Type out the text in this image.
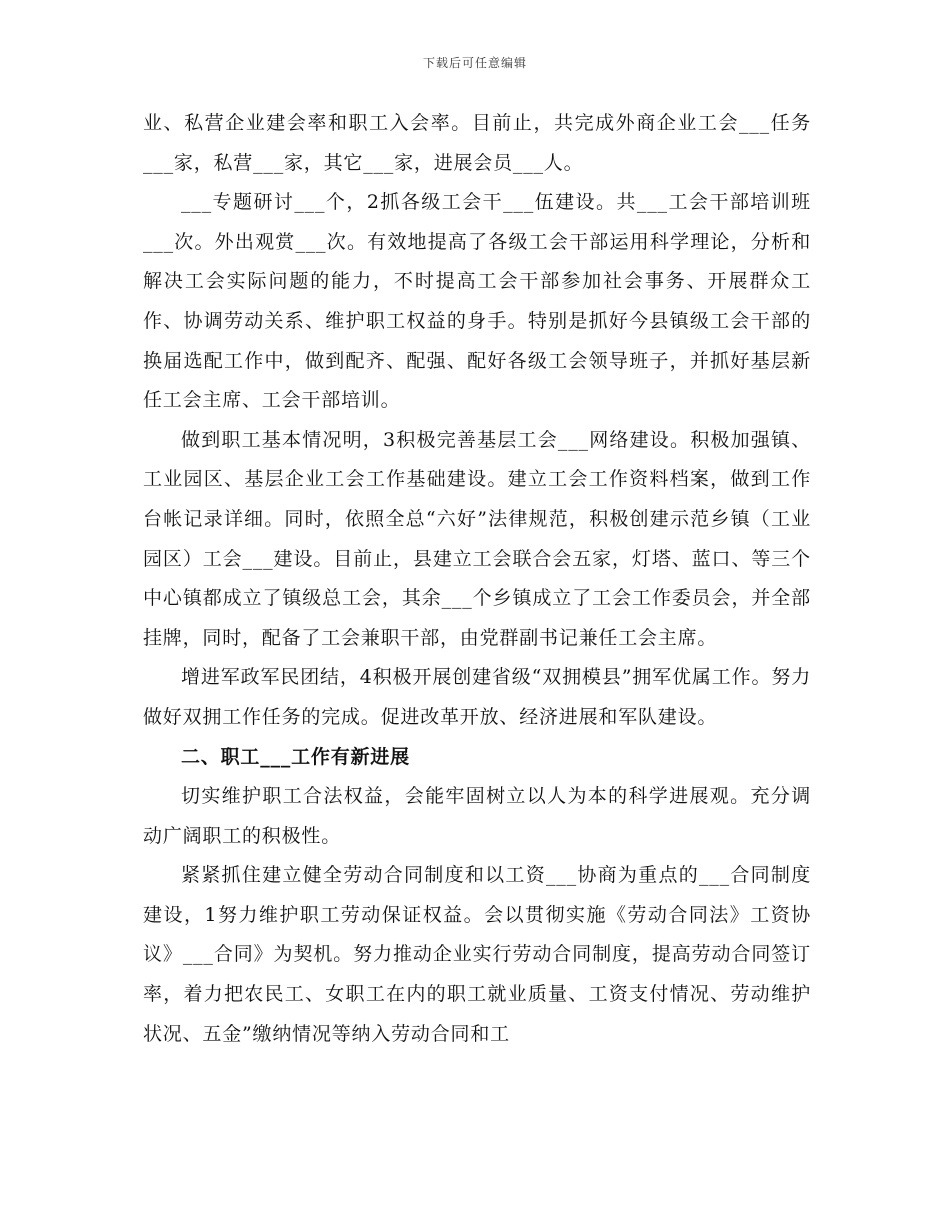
下载后可任意编辑

业、私营企业建会率和职工入会率。目前止，共完成外商企业工会___任务___家，私营___家，其它___家，进展会员___人。

___专题研讨___个，2抓各级工会干___伍建设。共___工会干部培训班___次。外出观赏___次。有效地提高了各级工会干部运用科学理论，分析和解决工会实际问题的能力，不时提高工会干部参加社会事务、开展群众工作、协调劳动关系、维护职工权益的身手。特别是抓好今县镇级工会干部的换届选配工作中，做到配齐、配强、配好各级工会领导班子，并抓好基层新任工会主席、工会干部培训。

做到职工基本情况明，3积极完善基层工会___网络建设。积极加强镇、工业园区、基层企业工会工作基础建设。建立工会工作资料档案，做到工作台帐记录详细。同时，依照全总“六好”法律规范，积极创建示范乡镇（工业园区）工会___建设。目前止，县建立工会联合会五家，灯塔、蓝口、等三个中心镇都成立了镇级总工会，其余___个乡镇成立了工会工作委员会，并全部挂牌，同时，配备了工会兼职干部，由党群副书记兼任工会主席。

增进军政军民团结，4积极开展创建省级“双拥模县”拥军优属工作。努力做好双拥工作任务的完成。促进改革开放、经济进展和军队建设。

二、职工___工作有新进展

切实维护职工合法权益，会能牢固树立以人为本的科学进展观。充分调动广阔职工的积极性。

紧紧抓住建立健全劳动合同制度和以工资___协商为重点的___合同制度建设，1努力维护职工劳动保证权益。会以贯彻实施《劳动合同法》工资协议》___合同》为契机。努力推动企业实行劳动合同制度，提高劳动合同签订率，着力把农民工、女职工在内的职工就业质量、工资支付情况、劳动维护状况、五金”缴纳情况等纳入劳动合同和工
